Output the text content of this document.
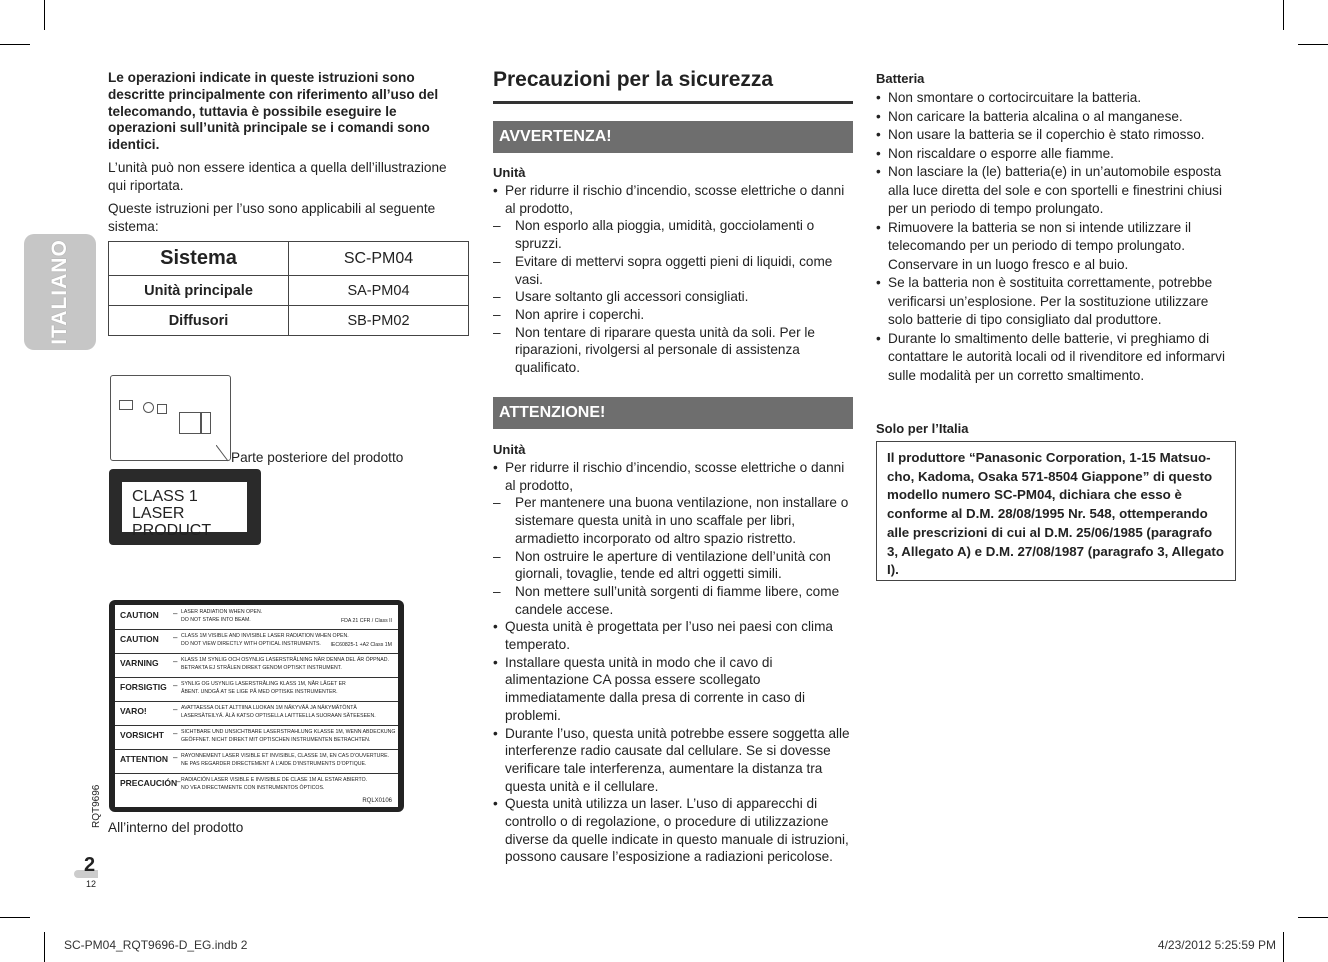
ITALIANO

Le operazioni indicate in queste istruzioni sono descritte principalmente con riferimento all’uso del telecomando, tuttavia è possibile eseguire le operazioni sull’unità principale se i comandi sono identici.

L’unità può non essere identica a quella dell’illustrazione qui riportata.

Queste istruzioni per l’uso sono applicabili al seguente sistema:

Sistema	SC-PM04
Unità principale	SA-PM04
Diffusori	SB-PM02
Parte posteriore del prodotto
CLASS 1
LASER PRODUCT
CAUTION – LASER RADIATION WHEN OPEN.
DO NOT STARE INTO BEAM.	FDA 21 CFR / Class II
CAUTION – CLASS 1M VISIBLE AND INVISIBLE LASER RADIATION WHEN OPEN.
DO NOT VIEW DIRECTLY WITH OPTICAL INSTRUMENTS.	IEC60825-1 +A2 Class 1M
VARNING – KLASS 1M SYNLIG OCH OSYNLIG LASERSTRÅLNING NÄR DENNA DEL ÄR ÖPPNAD.
BETRAKTA EJ STRÅLEN DIREKT GENOM OPTISKT INSTRUMENT.
FORSIGTIG – SYNLIG OG USYNLIG LASERSTRÅLING KLASS 1M, NÅR LÅGET ER
ÅBENT. UNDGÅ AT SE LIGE PÅ MED OPTISKE INSTRUMENTER.
VARO!	– AVATTAESSA OLET ALTTIINA LUOKAN 1M NÄKYVÄÄ JA NÄKYMÄTÖNTÄ
LASERSÄTEILYÄ. ÄLÄ KATSO OPTISELLA LAITTEELLA SUORAAN SÄTEESEEN.
VORSICHT – SICHTBARE UND UNSICHTBARE LASERSTRAHLUNG KLASSE 1M, WENN ABDECKUNG
GEÖFFNET. NICHT DIREKT MIT OPTISCHEN INSTRUMENTEN BETRACHTEN.
ATTENTION – RAYONNEMENT LASER VISIBLE ET INVISIBLE, CLASSE 1M, EN CAS D’OUVERTURE.
NE PAS REGARDER DIRECTEMENT À L’AIDE D’INSTRUMENTS D’OPTIQUE.
PRECAUCIÓN
– RADIACIÓN LASER VISIBLE E INVISIBLE DE CLASE 1M AL ESTAR ABIERTO.
NO VEA DIRECTAMENTE CON INSTRUMENTOS ÓPTICOS.
RQLX0106
All’interno del prodotto
RQT9696
2
12
Precauzioni per la sicurezza
AVVERTENZA!
Unità
• Per ridurre il rischio d’incendio, scosse elettriche o danni al prodotto,
– Non esporlo alla pioggia, umidità, gocciolamenti o spruzzi.
– Evitare di mettervi sopra oggetti pieni di liquidi, come vasi.
– Usare soltanto gli accessori consigliati.
– Non aprire i coperchi.
– Non tentare di riparare questa unità da soli. Per le riparazioni, rivolgersi al personale di assistenza qualificato.
ATTENZIONE!
Unità
• Per ridurre il rischio d’incendio, scosse elettriche o danni al prodotto,
– Per mantenere una buona ventilazione, non installare o sistemare questa unità in uno scaffale per libri, armadietto incorporato od altro spazio ristretto.
– Non ostruire le aperture di ventilazione dell’unità con giornali, tovaglie, tende ed altri oggetti simili.
– Non mettere sull’unità sorgenti di fiamme libere, come candele accese.
• Questa unità è progettata per l’uso nei paesi con clima temperato.
• Installare questa unità in modo che il cavo di alimentazione CA possa essere scollegato immediatamente dalla presa di corrente in caso di problemi.
• Durante l’uso, questa unità potrebbe essere soggetta alle interferenze radio causate dal cellulare. Se si dovesse verificare tale interferenza, aumentare la distanza tra questa unità e il cellulare.
• Questa unità utilizza un laser. L’uso di apparecchi di controllo o di regolazione, o procedure di utilizzazione diverse da quelle indicate in questo manuale di istruzioni, possono causare l’esposizione a radiazioni pericolose.
Batteria
• Non smontare o cortocircuitare la batteria.
• Non caricare la batteria alcalina o al manganese.
• Non usare la batteria se il coperchio è stato rimosso.
• Non riscaldare o esporre alle fiamme.
• Non lasciare la (le) batteria(e) in un’automobile esposta alla luce diretta del sole e con sportelli e finestrini chiusi per un periodo di tempo prolungato.
• Rimuovere la batteria se non si intende utilizzare il telecomando per un periodo di tempo prolungato. Conservare in un luogo fresco e al buio.
• Se la batteria non è sostituita correttamente, potrebbe verificarsi un’esplosione. Per la sostituzione utilizzare solo batterie di tipo consigliato dal produttore.
• Durante lo smaltimento delle batterie, vi preghiamo di contattare le autorità locali od il rivenditore ed informarvi sulle modalità per un corretto smaltimento.
Solo per l’Italia
Il produttore “Panasonic Corporation, 1-15 Matsuo-cho, Kadoma, Osaka 571-8504 Giappone” di questo modello numero SC-PM04, dichiara che esso è conforme al D.M. 28/08/1995 Nr. 548, ottemperando alle prescrizioni di cui al D.M. 25/06/1985 (paragrafo 3, Allegato A) e D.M. 27/08/1987 (paragrafo 3, Allegato I).
SC-PM04_RQT9696-D_EG.indb 2	4/23/2012 5:25:59 PM
